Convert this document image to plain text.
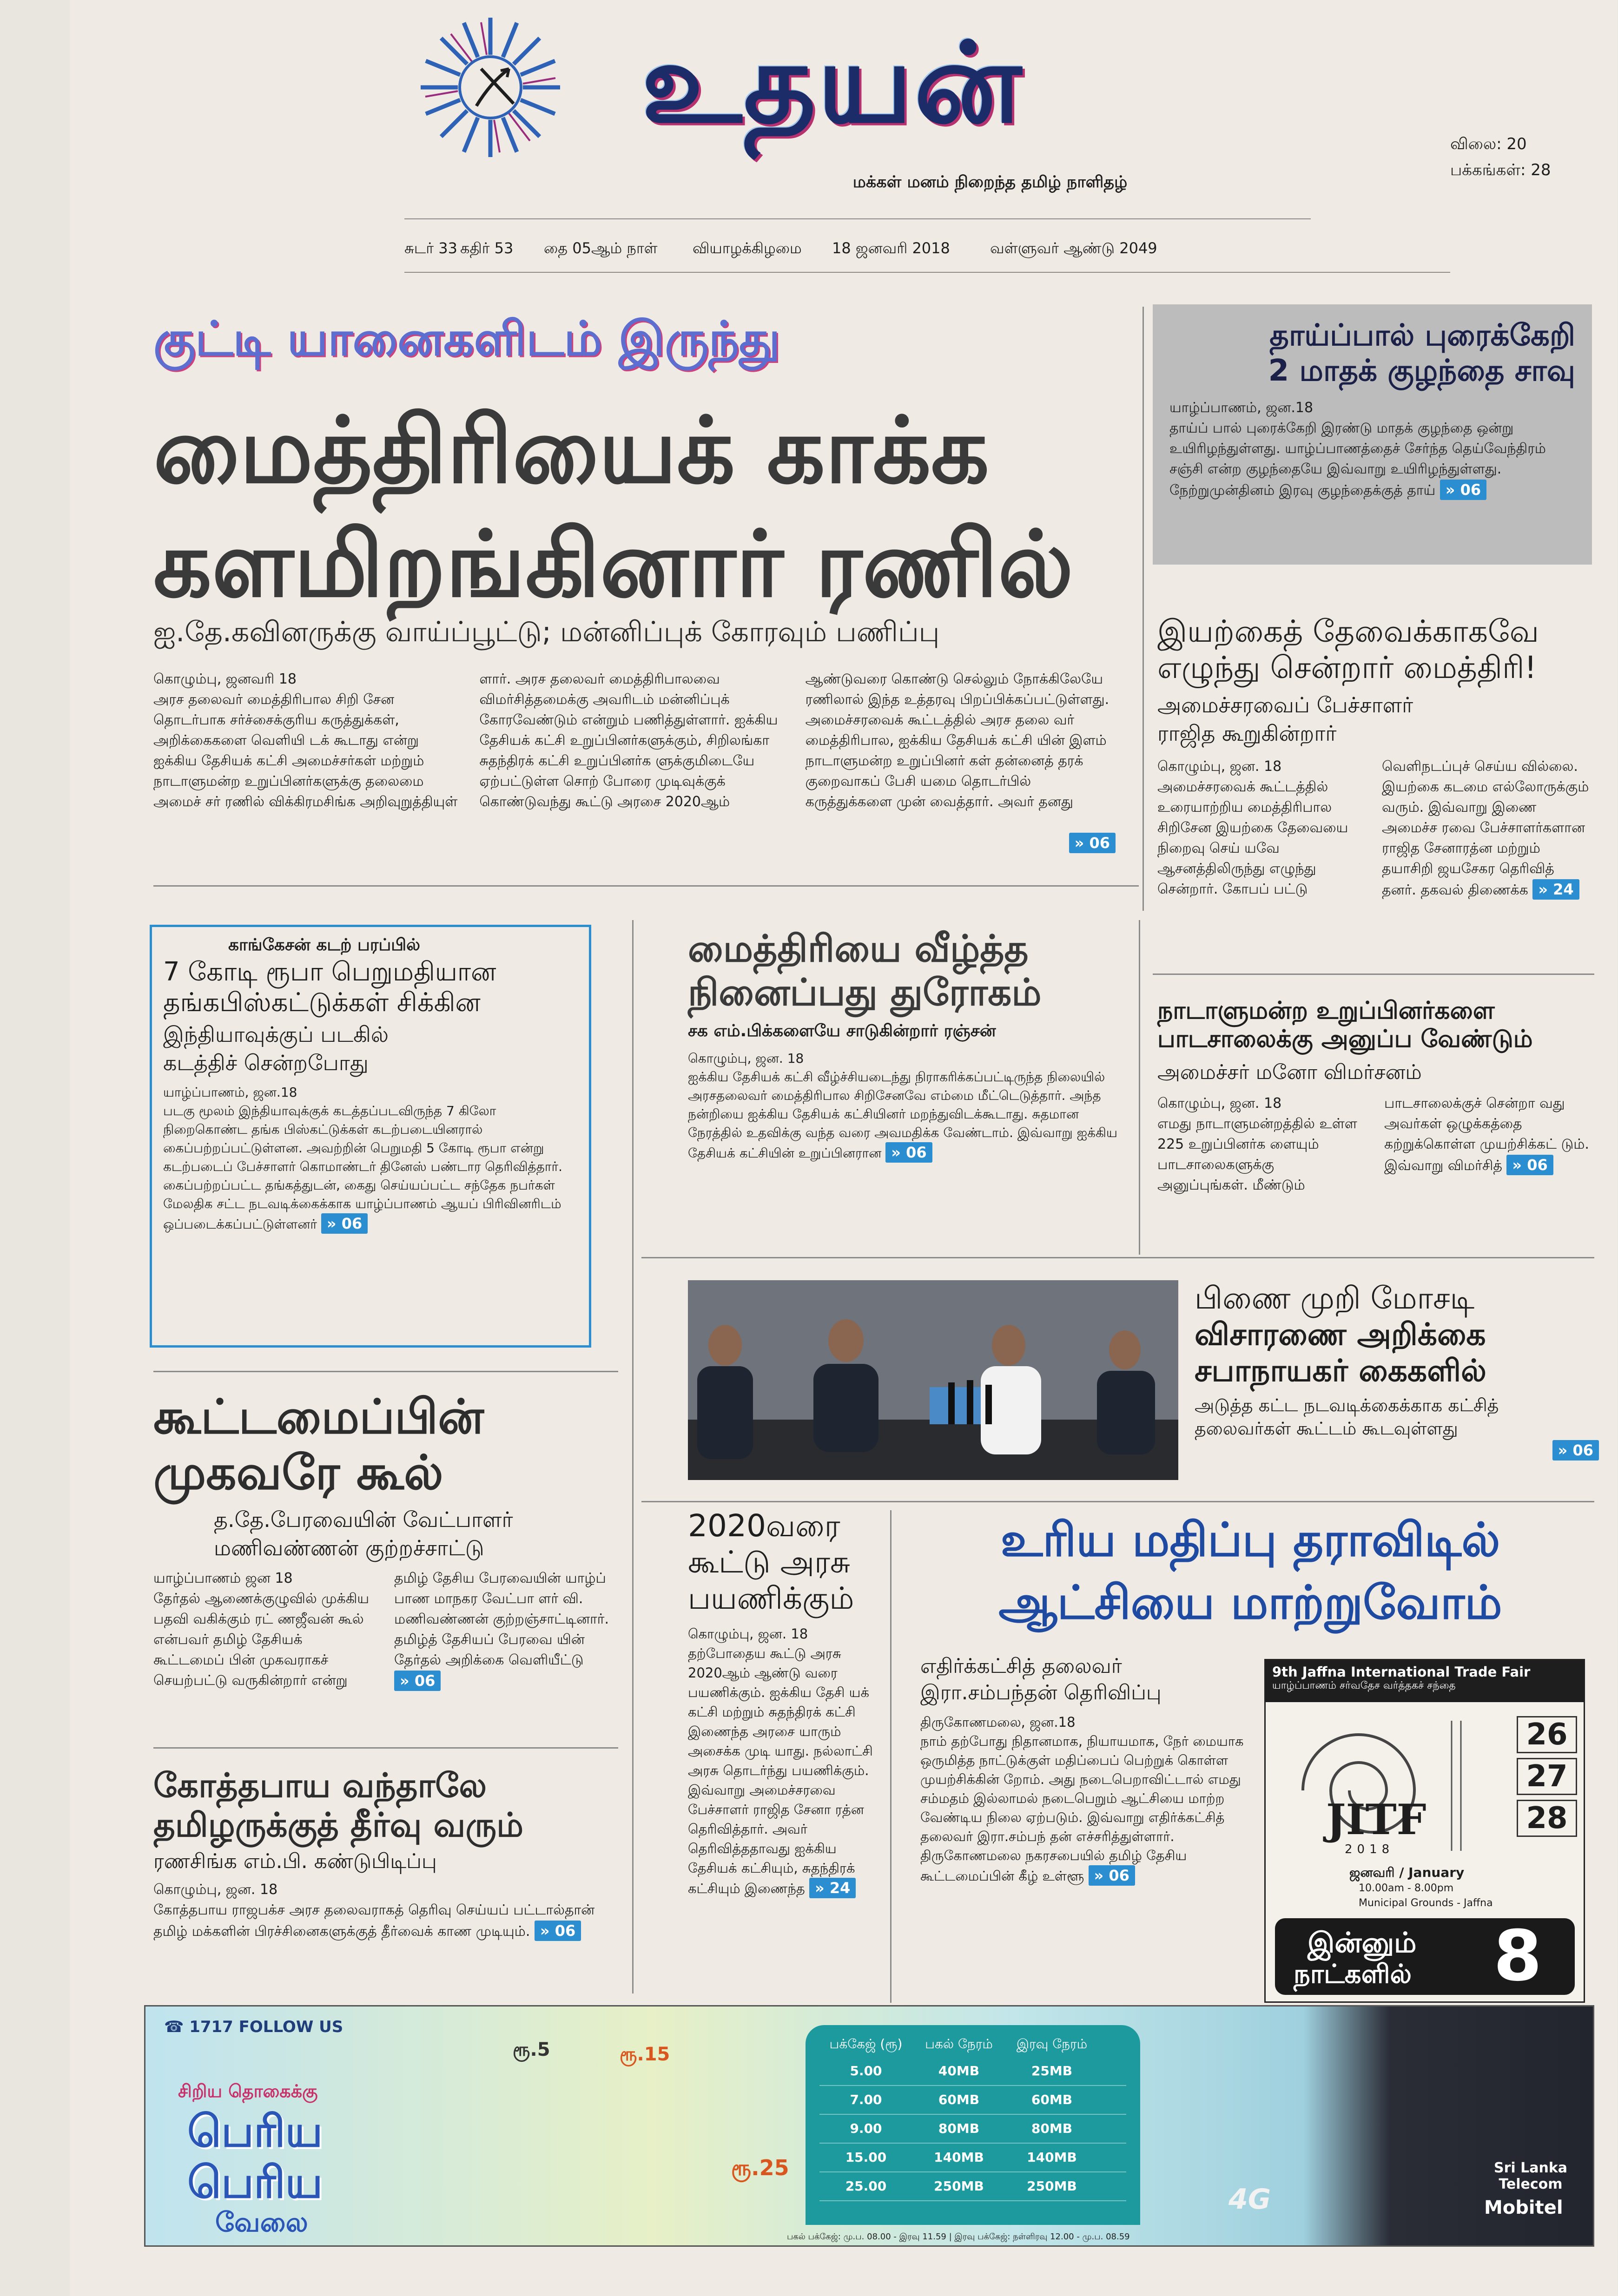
உதயன்
மக்கள் மனம் நிறைந்த தமிழ் நாளிதழ்
விலை: 20
பக்கங்கள்: 28
சுடர் 33 கதிர் 53	தை 05ஆம் நாள்	வியாழக்கிழமை	18 ஜனவரி 2018	வள்ளுவர் ஆண்டு 2049
குட்டி யானைகளிடம் இருந்து
மைத்திரியைக் காக்க
களமிறங்கினார் ரணில்
ஐ.தே.கவினருக்கு வாய்ப்பூட்டு; மன்னிப்புக் கோரவும் பணிப்பு
கொழும்பு, ஜனவரி 18
அரச தலைவர் மைத்திரிபால சிறி சேன தொடர்பாக சர்ச்சைக்குரிய கருத்துக்கள், அறிக்கைகளை வெளியி டக் கூடாது என்று ஐக்கிய தேசியக் கட்சி அமைச்சர்கள் மற்றும் நாடாளுமன்ற உறுப்பினர்களுக்கு தலைமை அமைச் சர் ரணில் விக்கிரமசிங்க அறிவுறுத்தியுள் ளார். அரச தலைவர் மைத்திரிபாலவை விமர்சித்தமைக்கு அவரிடம் மன்னிப்புக் கோரவேண்டும் என்றும் பணித்துள்ளார். ஐக்கிய தேசியக் கட்சி உறுப்பினர்களுக்கும், சிறிலங்கா சுதந்திரக் கட்சி உறுப்பினர்க ளுக்குமிடையே ஏற்பட்டுள்ள சொற் போரை முடிவுக்குக் கொண்டுவந்து கூட்டு அரசை 2020ஆம் ஆண்டுவரை கொண்டு செல்லும் நோக்கிலேயே ரணிலால் இந்த உத்தரவு பிறப்பிக்கப்பட்டுள்ளது. அமைச்சரவைக் கூட்டத்தில் அரச தலை வர் மைத்திரிபால, ஐக்கிய தேசியக் கட்சி யின் இளம் நாடாளுமன்ற உறுப்பினர் கள் தன்னைத் தரக் குறைவாகப் பேசி யமை தொடர்பில் கருத்துக்களை முன் வைத்தார். அவர் தனது
» 06
தாய்ப்பால் புரைக்கேறி
2 மாதக் குழந்தை சாவு
யாழ்ப்பாணம், ஜன.18
தாய்ப் பால் புரைக்கேறி இரண்டு மாதக் குழந்தை ஒன்று உயிரிழந்துள்ளது. யாழ்ப்பாணத்தைச் சேர்ந்த தெய்வேந்திரம் சஞ்சி என்ற குழந்தையே இவ்வாறு உயிரிழந்துள்ளது. நேற்றுமுன்தினம் இரவு குழந்தைக்குத் தாய் » 06
இயற்கைத் தேவைக்காகவே
எழுந்து சென்றார் மைத்திரி!
அமைச்சரவைப் பேச்சாளர்
ராஜித கூறுகின்றார்
கொழும்பு, ஜன. 18
அமைச்சரவைக் கூட்டத்தில் உரையாற்றிய மைத்திரிபால சிறிசேன இயற்கை தேவையை நிறைவு செய் யவே ஆசனத்திலிருந்து எழுந்து சென்றார். கோபப் பட்டு வெளிநடப்புச் செய்ய வில்லை. இயற்கை கடமை எல்லோருக்கும் வரும். இவ்வாறு இணை அமைச்ச ரவை பேச்சாளர்களான ராஜித சேனாரத்ன மற்றும் தயாசிறி ஜயசேகர தெரிவித் தனர். தகவல் திணைக்க » 24
காங்கேசன் கடற் பரப்பில்
7 கோடி ரூபா பெறுமதியான
தங்கபிஸ்கட்டுக்கள் சிக்கின
இந்தியாவுக்குப் படகில்
கடத்திச் சென்றபோது
யாழ்ப்பாணம், ஜன.18
படகு மூலம் இந்தியாவுக்குக் கடத்தப்படவிருந்த 7 கிலோ நிறைகொண்ட தங்க பிஸ்கட்டுக்கள் கடற்படையினரால் கைப்பற்றப்பட்டுள்ளன. அவற்றின் பெறுமதி 5 கோடி ரூபா என்று கடற்படைப் பேச்சாளர் கொமாண்டர் தினேஸ் பண்டார தெரிவித்தார். கைப்பற்றப்பட்ட தங்கத்துடன், கைது செய்யப்பட்ட சந்தேக நபர்கள் மேலதிக சட்ட நடவடிக்கைக்காக யாழ்ப்பாணம் ஆயப் பிரிவினரிடம் ஒப்படைக்கப்பட்டுள்ளனர் » 06
மைத்திரியை வீழ்த்த
நினைப்பது துரோகம்
சக எம்.பிக்களையே சாடுகின்றார் ரஞ்சன்
கொழும்பு, ஜன. 18
ஐக்கிய தேசியக் கட்சி வீழ்ச்சியடைந்து நிராகரிக்கப்பட்டிருந்த நிலையில் அரசதலைவர் மைத்திரிபால சிறிசேனவே எம்மை மீட்டெடுத்தார். அந்த நன்றியை ஐக்கிய தேசியக் கட்சியினர் மறந்துவிடக்கூடாது. சுதமான நேரத்தில் உதவிக்கு வந்த வரை அவமதிக்க வேண்டாம். இவ்வாறு ஐக்கிய தேசியக் கட்சியின் உறுப்பினரான » 06
நாடாளுமன்ற உறுப்பினர்களை
பாடசாலைக்கு அனுப்ப வேண்டும்
அமைச்சர் மனோ விமர்சனம்
கொழும்பு, ஜன. 18
எமது நாடாளுமன்றத்தில் உள்ள 225 உறுப்பினர்க ளையும் பாடசாலைகளுக்கு அனுப்புங்கள். மீண்டும் பாடசாலைக்குச் சென்றா வது அவர்கள் ஒழுக்கத்தை கற்றுக்கொள்ள முயற்சிக்கட் டும். இவ்வாறு விமர்சித் » 06
பிணை முறி மோசடி
விசாரணை அறிக்கை
சபாநாயகர் கைகளில்
அடுத்த கட்ட நடவடிக்கைக்காக கட்சித் தலைவர்கள் கூட்டம் கூடவுள்ளது
» 06
கூட்டமைப்பின்
முகவரே கூல்
த.தே.பேரவையின் வேட்பாளர்
மணிவண்ணன் குற்றச்சாட்டு
யாழ்ப்பாணம் ஜன 18
தேர்தல் ஆணைக்குழுவில் முக்கிய பதவி வகிக்கும் ரட் ணஜீவன் கூல் என்பவர் தமிழ் தேசியக் கூட்டமைப் பின் முகவராகச் செயற்பட்டு வருகின்றார் என்று தமிழ் தேசிய பேரவையின் யாழ்ப் பாண மாநகர வேட்பா ளர் வி. மணிவண்ணன் குற்றஞ்சாட்டினார். தமிழ்த் தேசியப் பேரவை யின் தேர்தல் அறிக்கை வெளியீட்டு » 06
கோத்தபாய வந்தாலே
தமிழருக்குத் தீர்வு வரும்
ரணசிங்க எம்.பி. கண்டுபிடிப்பு
கொழும்பு, ஜன. 18
கோத்தபாய ராஜபக்ச அரச தலைவராகத் தெரிவு செய்யப் பட்டால்தான் தமிழ் மக்களின் பிரச்சினைகளுக்குத் தீர்வைக் காண முடியும். » 06
2020வரை
கூட்டு அரசு
பயணிக்கும்
கொழும்பு, ஜன. 18
தற்போதைய கூட்டு அரசு 2020ஆம் ஆண்டு வரை பயணிக்கும். ஐக்கிய தேசி யக் கட்சி மற்றும் சுதந்திரக் கட்சி இணைந்த அரசை யாரும் அசைக்க முடி யாது. நல்லாட்சி அரசு தொடர்ந்து பயணிக்கும். இவ்வாறு அமைச்சரவை பேச்சாளர் ராஜித சேனா ரத்ன தெரிவித்தார். அவர் தெரிவித்ததாவது ஐக்கிய தேசியக் கட்சியும், சுதந்திரக் கட்சியும் இணைந்த » 24
உரிய மதிப்பு தராவிடில்
ஆட்சியை மாற்றுவோம்
எதிர்க்கட்சித் தலைவர்
இரா.சம்பந்தன் தெரிவிப்பு
திருகோணமலை, ஜன.18
நாம் தற்போது நிதானமாக, நியாயமாக, நேர் மையாக ஒருமித்த நாட்டுக்குள் மதிப்பைப் பெற்றுக் கொள்ள முயற்சிக்கின் றோம். அது நடைபெறாவிட்டால் எமது சம்மதம் இல்லாமல் நடைபெறும் ஆட்சியை மாற்ற வேண்டிய நிலை ஏற்படும். இவ்வாறு எதிர்க்கட்சித் தலைவர் இரா.சம்பந் தன் எச்சரித்துள்ளார். திருகோணமலை நகரசபையில் தமிழ் தேசிய கூட்டமைப்பின் கீழ் உள்ளூ » 06
9th Jaffna International Trade Fair
யாழ்ப்பாணம் சர்வதேச வர்த்தகச் சந்தை
JITF
2018
26
27
28
ஜனவரி / January
10.00am - 8.00pm
Municipal Grounds - Jaffna
இன்னும்
நாட்களில் 8
☎ 1717 FOLLOW US
சிறிய தொகைக்கு
பெரிய
பெரிய
வேலை
ரூ.5	ரூ.15
ரூ.25
பக்கேஜ் (ரூ)	பகல் நேரம்	இரவு நேரம்
5.00	40MB	25MB
7.00	60MB	60MB
9.00	80MB	80MB
15.00	140MB	140MB
25.00	250MB	250MB	4G
Sri Lanka Telecom
Mobitel
பகல் பக்கேஜ்: மு.ப. 08.00 - இரவு 11.59 | இரவு பக்கேஜ்: நள்ளிரவு 12.00 - மு.ப. 08.59
